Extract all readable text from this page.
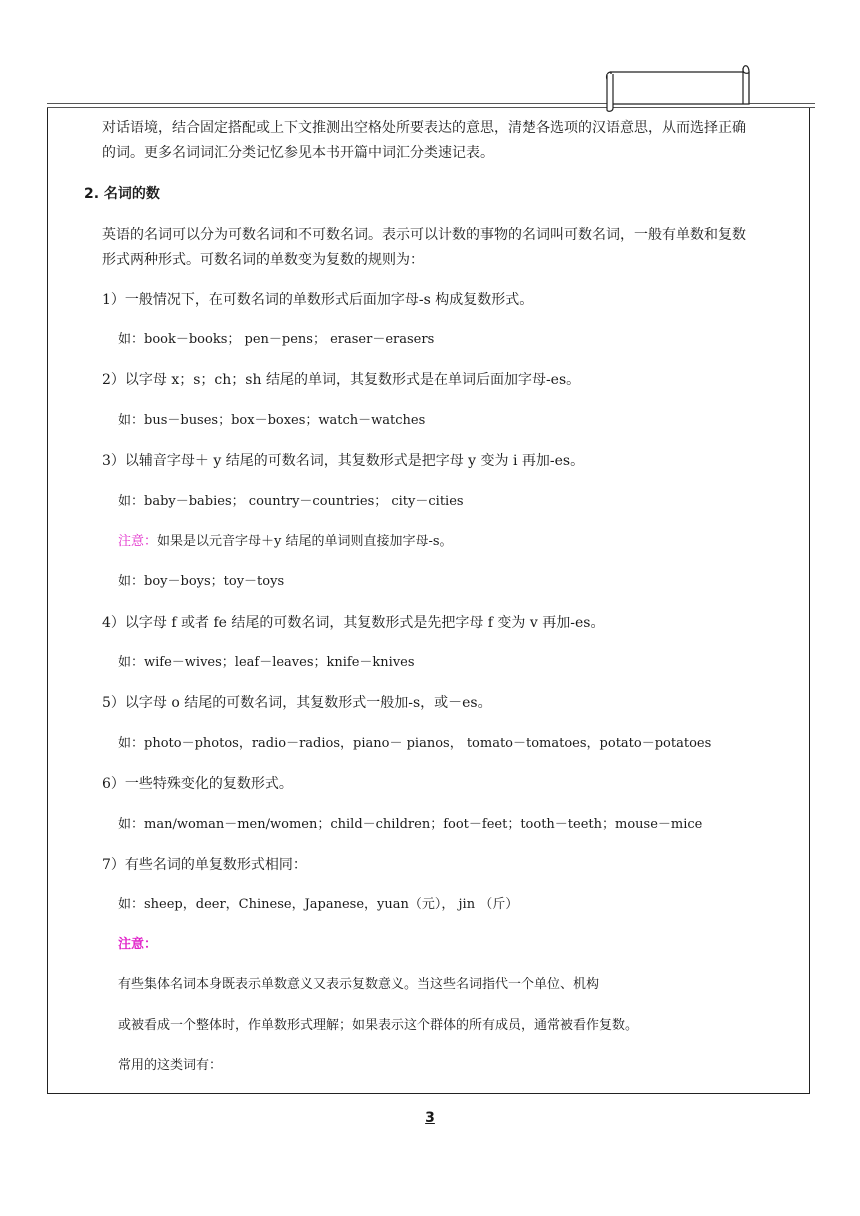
对话语境，结合固定搭配或上下文推测出空格处所要表达的意思，清楚各选项的汉语意思，从而选择正确
的词。更多名词词汇分类记忆参见本书开篇中词汇分类速记表。
2. 名词的数
英语的名词可以分为可数名词和不可数名词。表示可以计数的事物的名词叫可数名词，一般有单数和复数
形式两种形式。可数名词的单数变为复数的规则为：
1）一般情况下，在可数名词的单数形式后面加字母-s 构成复数形式。
如：book－books； pen－pens； eraser－erasers
2）以字母 x；s；ch；sh 结尾的单词，其复数形式是在单词后面加字母-es。
如：bus－buses；box－boxes；watch－watches
3）以辅音字母＋ y 结尾的可数名词，其复数形式是把字母 y 变为 i 再加-es。
如：baby－babies； country－countries； city－cities
注意：如果是以元音字母＋y 结尾的单词则直接加字母-s。
如：boy－boys；toy－toys
4）以字母 f 或者 fe 结尾的可数名词，其复数形式是先把字母 f 变为 v 再加-es。
如：wife－wives；leaf－leaves；knife－knives
5）以字母 o 结尾的可数名词，其复数形式一般加-s，或－es。
如：photo－photos，radio－radios，piano－ pianos， tomato－tomatoes，potato－potatoes
6）一些特殊变化的复数形式。
如：man/woman－men/women；child－children；foot－feet；tooth－teeth；mouse－mice
7）有些名词的单复数形式相同：
如：sheep，deer，Chinese，Japanese，yuan（元）， jin （斤）
注意：
有些集体名词本身既表示单数意义又表示复数意义。当这些名词指代一个单位、机构
或被看成一个整体时，作单数形式理解；如果表示这个群体的所有成员，通常被看作复数。
常用的这类词有：
3
